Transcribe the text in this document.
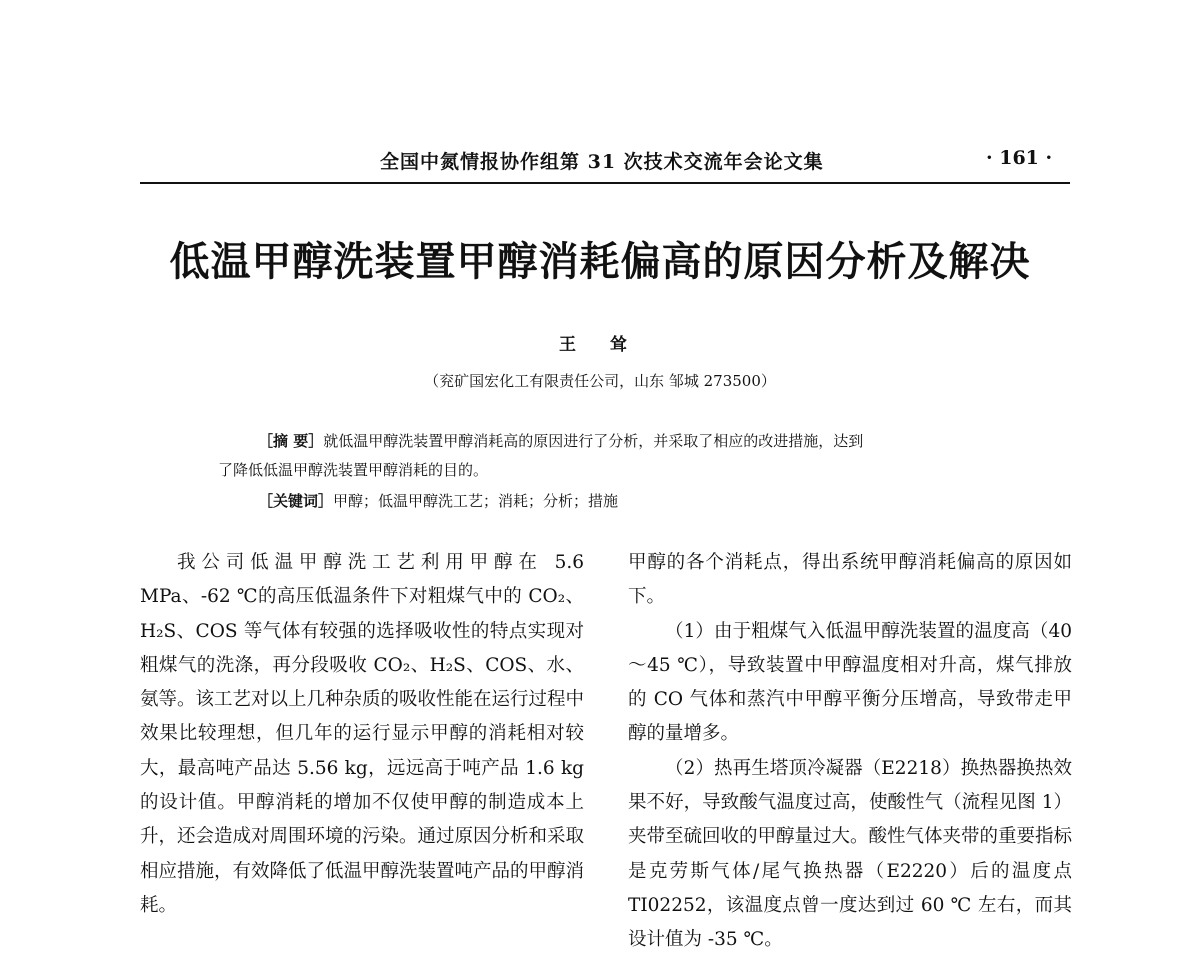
全国中氮情报协作组第 31 次技术交流年会论文集	· 161 ·
低温甲醇洗装置甲醇消耗偏高的原因分析及解决
王 耸
（兖矿国宏化工有限责任公司，山东 邹城 273500）
［摘 要］就低温甲醇洗装置甲醇消耗高的原因进行了分析，并采取了相应的改进措施，达到
了降低低温甲醇洗装置甲醇消耗的目的。
［关键词］甲醇；低温甲醇洗工艺；消耗；分析；措施

我公司低温甲醇洗工艺利用甲醇在 5.6 MPa、-62 ℃的高压低温条件下对粗煤气中的 CO₂、H₂S、COS 等气体有较强的选择吸收性的特点实现对粗煤气的洗涤，再分段吸收 CO₂、H₂S、COS、水、氨等。该工艺对以上几种杂质的吸收性能在运行过程中效果比较理想，但几年的运行显示甲醇的消耗相对较大，最高吨产品达 5.56 kg，远远高于吨产品 1.6 kg 的设计值。甲醇消耗的增加不仅使甲醇的制造成本上升，还会造成对周围环境的污染。通过原因分析和采取相应措施，有效降低了低温甲醇洗装置吨产品的甲醇消耗。

甲醇的各个消耗点，得出系统甲醇消耗偏高的原因如下。

（1）由于粗煤气入低温甲醇洗装置的温度高（40～45 ℃），导致装置中甲醇温度相对升高，煤气排放的 CO 气体和蒸汽中甲醇平衡分压增高，导致带走甲醇的量增多。

（2）热再生塔顶冷凝器（E2218）换热器换热效果不好，导致酸气温度过高，使酸性气（流程见图 1）夹带至硫回收的甲醇量过大。酸性气体夹带的重要指标是克劳斯气体/尾气换热器（E2220）后的温度点 TI02252，该温度点曾一度达到过 60 ℃ 左右，而其设计值为 -35 ℃。
